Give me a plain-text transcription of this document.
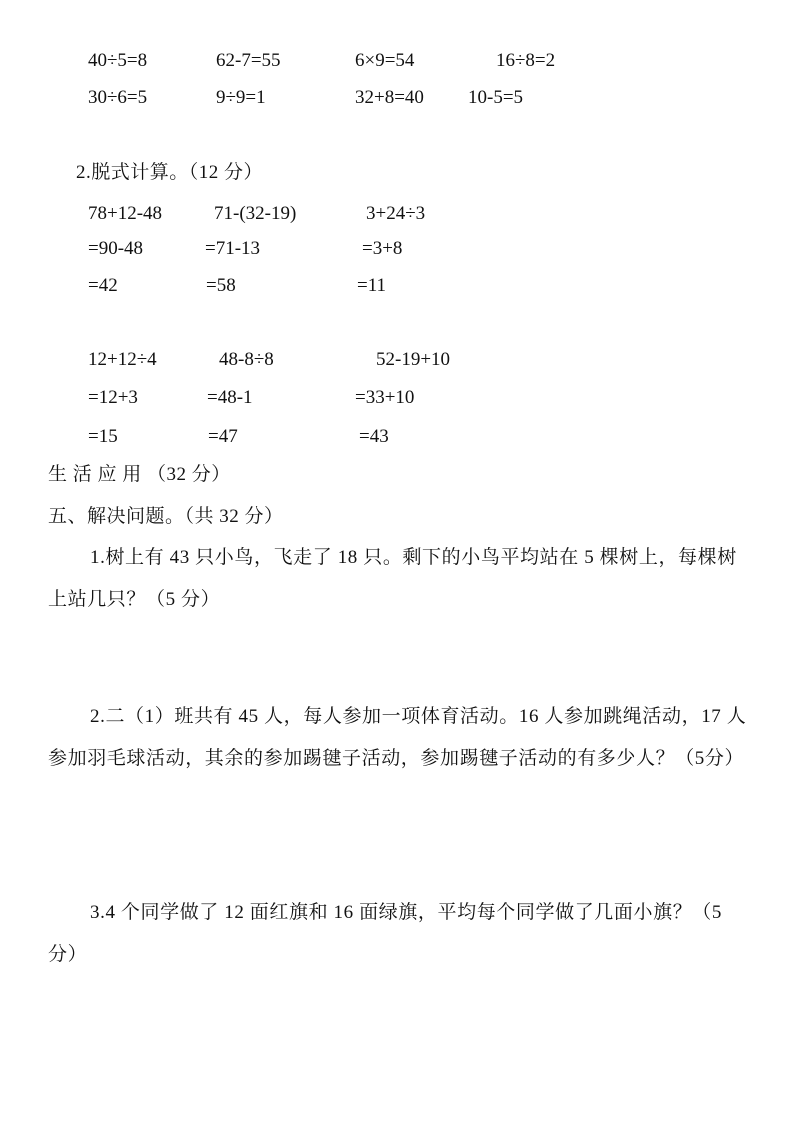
40÷5=8	62-7=55	6×9=54	16÷8=2
30÷6=5	9÷9=1	32+8=40 10-5=5
2.脱式计算。（12 分）
78+12-48	71-(32-19)	3+24÷3
=90-48	=71-13	=3+8
=42	=58	=11
12+12÷4	48-8÷8	52-19+10
=12+3	=48-1	=33+10
=15	=47	=43
生 活 应 用 （32 分）
五、解决问题。（共 32 分）
1.树上有 43 只小鸟，飞走了 18 只。剩下的小鸟平均站在 5 棵树上，每棵树上站几只？（5 分）
2.二（1）班共有 45 人，每人参加一项体育活动。16 人参加跳绳活动，17 人参加羽毛球活动，其余的参加踢毽子活动，参加踢毽子活动的有多少人？（5分）
3.4 个同学做了 12 面红旗和 16 面绿旗，平均每个同学做了几面小旗？（5 分）
